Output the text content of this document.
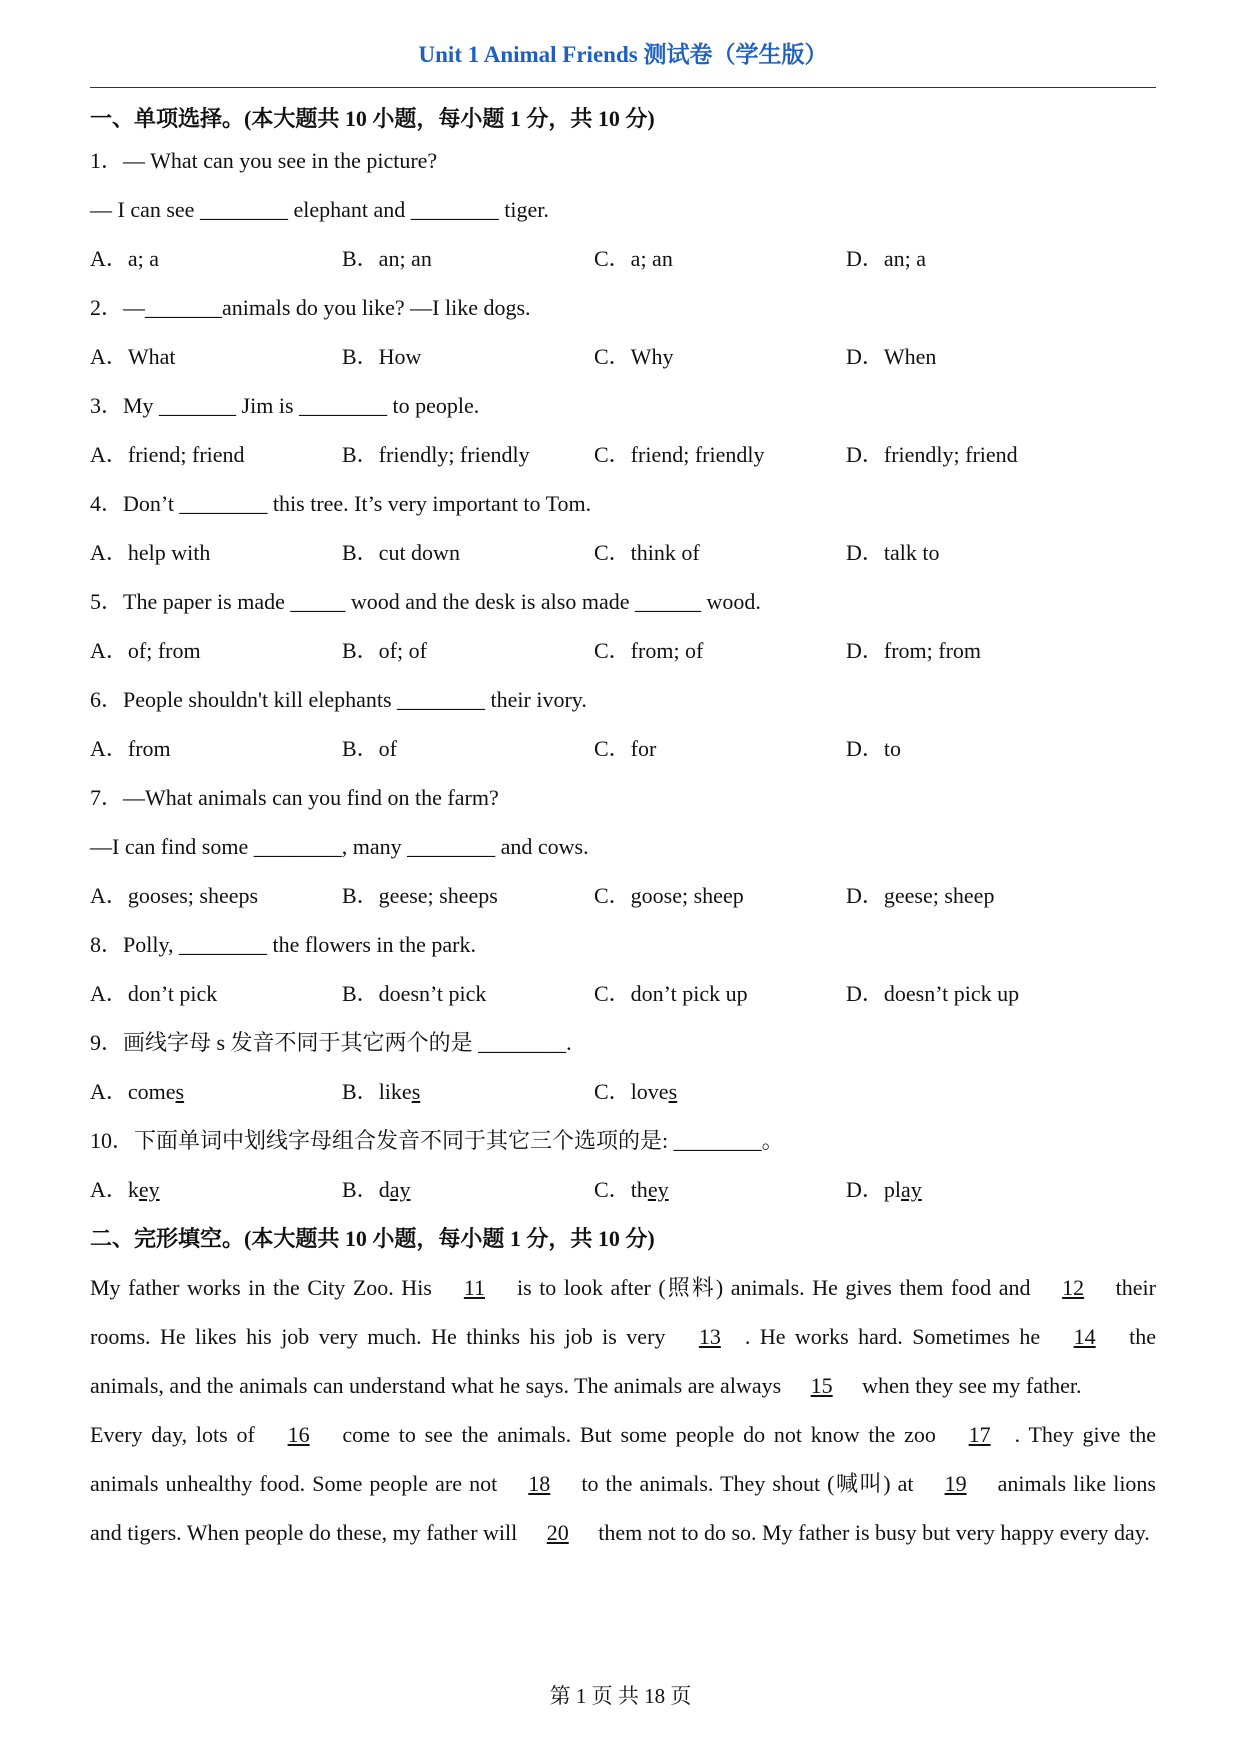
Unit 1 Animal Friends 测试卷（学生版）
一、单项选择。(本大题共 10 小题，每小题 1 分，共 10 分)
1．— What can you see in the picture?
— I can see ________ elephant and ________ tiger.
A．a; a	B．an; an	C．a; an	D．an; a
2．—_______animals do you like? —I like dogs.
A．What	B．How	C．Why	D．When
3．My _______ Jim is ________ to people.
A．friend; friend	B．friendly; friendly	C．friend; friendly	D．friendly; friend
4．Don’t ________ this tree. It’s very important to Tom.
A．help with	B．cut down	C．think of	D．talk to
5．The paper is made _____ wood and the desk is also made ______ wood.
A．of; from	B．of; of	C．from; of	D．from; from
6．People shouldn't kill elephants ________ their ivory.
A．from	B．of	C．for	D．to
7．—What animals can you find on the farm?
—I can find some ________, many ________ and cows.
A．gooses; sheeps	B．geese; sheeps	C．goose; sheep	D．geese; sheep
8．Polly, ________ the flowers in the park.
A．don’t pick	B．doesn’t pick	C．don’t pick up	D．doesn’t pick up
9．画线字母 s 发音不同于其它两个的是 ________.
A．comes	B．likes	C．loves
10．下面单词中划线字母组合发音不同于其它三个选项的是: ________。
A．key	B．day	C．they	D．play
二、完形填空。(本大题共 10 小题，每小题 1 分，共 10 分)
My father works in the City Zoo. His 11 is to look after (照料) animals. He gives them food and 12 their rooms. He likes his job very much. He thinks his job is very 13 . He works hard. Sometimes he 14 the animals, and the animals can understand what he says. The animals are always 15 when they see my father.
Every day, lots of 16 come to see the animals. But some people do not know the zoo 17 . They give the animals unhealthy food. Some people are not 18 to the animals. They shout (喊叫) at 19 animals like lions and tigers. When people do these, my father will 20 them not to do so. My father is busy but very happy every day.
第 1 页 共 18 页
